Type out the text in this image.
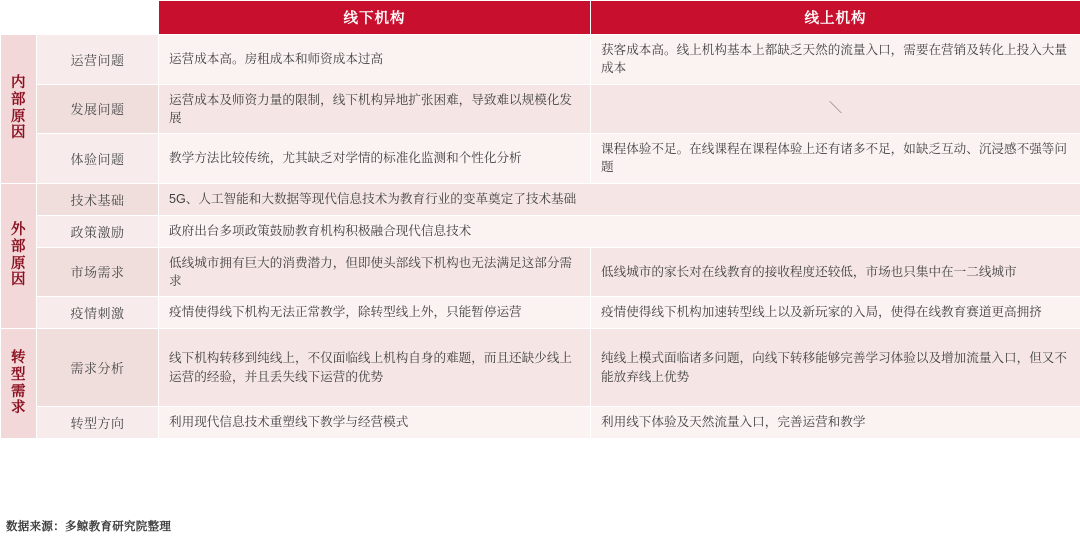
		线下机构	线上机构

内
部
原
因	运营问题	运营成本高。房租成本和师资成本过高	获客成本高。线上机构基本上都缺乏天然的流量入口，需要在营销及转化上投入大量成本
	发展问题	运营成本及师资力量的限制，线下机构异地扩张困难，导致难以规模化发展	＼
	体验问题	教学方法比较传统，尤其缺乏对学情的标准化监测和个性化分析	课程体验不足。在线课程在课程体验上还有诸多不足，如缺乏互动、沉浸感不强等问题

外
部
原
因	技术基础	5G、人工智能和大数据等现代信息技术为教育行业的变革奠定了技术基础	
	政策激励	政府出台多项政策鼓励教育机构积极融合现代信息技术	
	市场需求	低线城市拥有巨大的消费潜力，但即使头部线下机构也无法满足这部分需求	低线城市的家长对在线教育的接收程度还较低，市场也只集中在一二线城市
	疫情刺激	疫情使得线下机构无法正常教学，除转型线上外，只能暂停运营	疫情使得线下机构加速转型线上以及新玩家的入局，使得在线教育赛道更高拥挤

转
型
需
求	需求分析	线下机构转移到纯线上，不仅面临线上机构自身的难题，而且还缺少线上运营的经验，并且丢失线下运营的优势	纯线上模式面临诸多问题，向线下转移能够完善学习体验以及增加流量入口，但又不能放弃线上优势
	转型方向	利用现代信息技术重塑线下教学与经营模式	利用线下体验及天然流量入口，完善运营和教学
数据来源：多鲸教育研究院整理
